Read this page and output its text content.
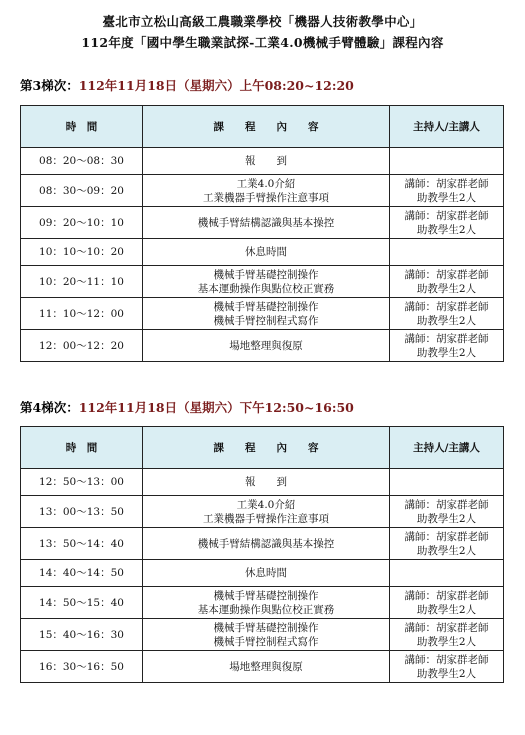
臺北市立松山高級工農職業學校「機器人技術教學中心」
112年度「國中學生職業試探-工業4.0機械手臂體驗」課程內容
第3梯次：112年11月18日（星期六）上午08:20~12:20
時　間	課　　程　　內　　容	主持人/主講人
08：20～08：30	報　　到	

08：30～09：20	工業4.0介紹
工業機器手臂操作注意事項	講師：胡家群老師
助教學生2人

09：20～10：10	機械手臂結構認識與基本操控	講師：胡家群老師
助教學生2人

10：10～10：20	休息時間	

10：20～11：10	機械手臂基礎控制操作
基本運動操作與點位校正實務	講師：胡家群老師
助教學生2人

11：10～12：00	機械手臂基礎控制操作
機械手臂控制程式寫作	講師：胡家群老師
助教學生2人

12：00～12：20	場地整理與復原	講師：胡家群老師
助教學生2人
第4梯次：112年11月18日（星期六）下午12:50~16:50
時　間	課　　程　　內　　容	主持人/主講人
12：50～13：00	報　　到	

13：00～13：50	工業4.0介紹
工業機器手臂操作注意事項	講師：胡家群老師
助教學生2人

13：50～14：40	機械手臂結構認識與基本操控	講師：胡家群老師
助教學生2人

14：40～14：50	休息時間	

14：50～15：40	機械手臂基礎控制操作
基本運動操作與點位校正實務	講師：胡家群老師
助教學生2人

15：40～16：30	機械手臂基礎控制操作
機械手臂控制程式寫作	講師：胡家群老師
助教學生2人

16：30～16：50	場地整理與復原	講師：胡家群老師
助教學生2人
